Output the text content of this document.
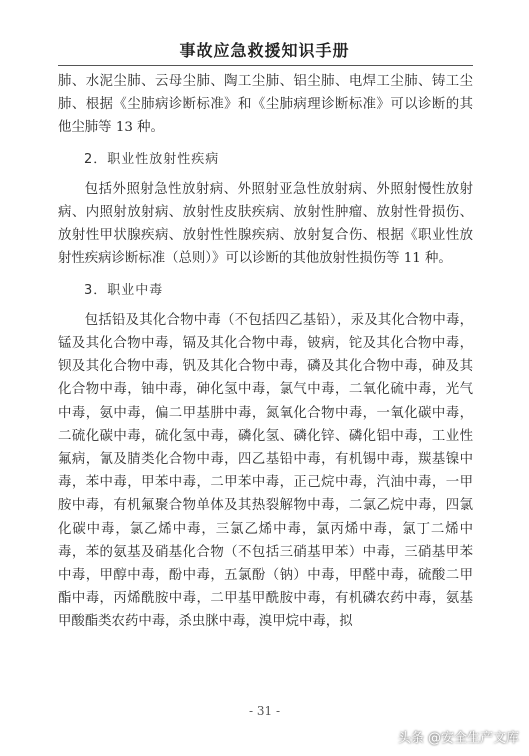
事故应急救援知识手册

肺、水泥尘肺、云母尘肺、陶工尘肺、铝尘肺、电焊工尘肺、铸工尘肺、根据《尘肺病诊断标准》和《尘肺病理诊断标准》可以诊断的其他尘肺等 13 种。

2．职业性放射性疾病

包括外照射急性放射病、外照射亚急性放射病、外照射慢性放射病、内照射放射病、放射性皮肤疾病、放射性肿瘤、放射性骨损伤、放射性甲状腺疾病、放射性性腺疾病、放射复合伤、根据《职业性放射性疾病诊断标准（总则）》可以诊断的其他放射性损伤等 11 种。

3．职业中毒

包括铅及其化合物中毒（不包括四乙基铅），汞及其化合物中毒，锰及其化合物中毒，镉及其化合物中毒，铍病，铊及其化合物中毒，钡及其化合物中毒，钒及其化合物中毒，磷及其化合物中毒，砷及其化合物中毒，铀中毒，砷化氢中毒，氯气中毒，二氧化硫中毒，光气中毒，氨中毒，偏二甲基肼中毒，氮氧化合物中毒，一氧化碳中毒，二硫化碳中毒，硫化氢中毒，磷化氢、磷化锌、磷化铝中毒，工业性氟病，氰及腈类化合物中毒，四乙基铅中毒，有机锡中毒，羰基镍中毒，苯中毒，甲苯中毒，二甲苯中毒，正己烷中毒，汽油中毒，一甲胺中毒，有机氟聚合物单体及其热裂解物中毒，二氯乙烷中毒，四氯化碳中毒，氯乙烯中毒，三氯乙烯中毒，氯丙烯中毒，氯丁二烯中毒，苯的氨基及硝基化合物（不包括三硝基甲苯）中毒，三硝基甲苯中毒，甲醇中毒，酚中毒，五氯酚（钠）中毒，甲醛中毒，硫酸二甲酯中毒，丙烯酰胺中毒，二甲基甲酰胺中毒，有机磷农药中毒，氨基甲酸酯类农药中毒，杀虫脒中毒，溴甲烷中毒，拟

- 31 -
头条 @安全生产文库
